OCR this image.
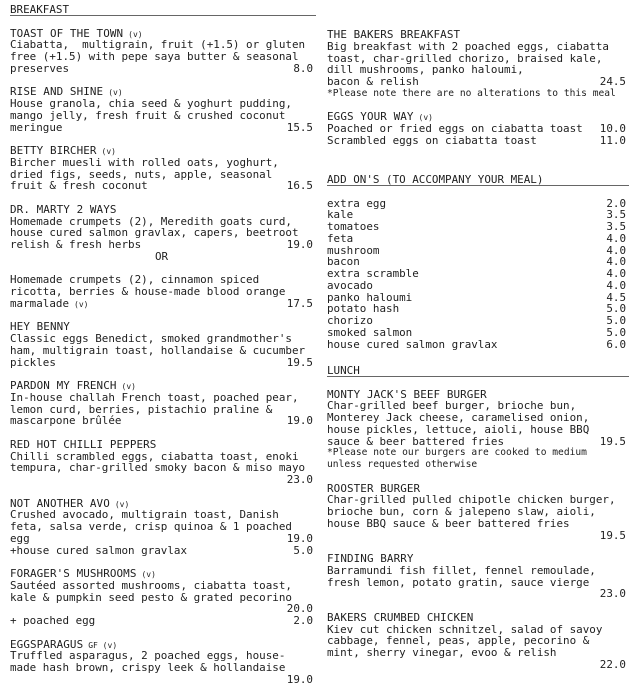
BREAKFAST
TOAST OF THE TOWN (v)
Ciabatta,  multigrain, fruit (+1.5) or gluten
free (+1.5) with pepe saya butter & seasonal
preserves	8.0
RISE AND SHINE (v)
House granola, chia seed & yoghurt pudding,
mango jelly, fresh fruit & crushed coconut
meringue	15.5
BETTY BIRCHER (v)
Bircher muesli with rolled oats, yoghurt,
dried figs, seeds, nuts, apple, seasonal
fruit & fresh coconut	16.5
DR. MARTY 2 WAYS
Homemade crumpets (2), Meredith goats curd,
house cured salmon gravlax, capers, beetroot
relish & fresh herbs	19.0
OR
Homemade crumpets (2), cinnamon spiced
ricotta, berries & house-made blood orange
marmalade (v)	17.5
HEY BENNY
Classic eggs Benedict, smoked grandmother's
ham, multigrain toast, hollandaise & cucumber
pickles	19.5
PARDON MY FRENCH (v)
In-house challah French toast, poached pear,
lemon curd, berries, pistachio praline &
mascarpone brûlée	19.0
RED HOT CHILLI PEPPERS
Chilli scrambled eggs, ciabatta toast, enoki
tempura, char-grilled smoky bacon & miso mayo
23.0
NOT ANOTHER AVO (v)
Crushed avocado, multigrain toast, Danish
feta, salsa verde, crisp quinoa & 1 poached
egg	19.0
+house cured salmon gravlax	5.0
FORAGER'S MUSHROOMS (v)
Sautéed assorted mushrooms, ciabatta toast,
kale & pumpkin seed pesto & grated pecorino
20.0
+ poached egg	2.0
EGGSPARAGUS GF (v)
Truffled asparagus, 2 poached eggs, house-
made hash brown, crispy leek & hollandaise
19.0
THE BAKERS BREAKFAST
Big breakfast with 2 poached eggs, ciabatta
toast, char-grilled chorizo, braised kale,
dill mushrooms, panko haloumi,
bacon & relish	24.5
*Please note there are no alterations to this meal
EGGS YOUR WAY (v)
Poached or fried eggs on ciabatta toast 10.0
Scrambled eggs on ciabatta toast	11.0
ADD ON'S (TO ACCOMPANY YOUR MEAL)
extra egg	2.0
kale	3.5
tomatoes	3.5
feta	4.0
mushroom	4.0
bacon	4.0
extra scramble	4.0
avocado	4.0
panko haloumi	4.5
potato hash	5.0
chorizo	5.0
smoked salmon	5.0
house cured salmon gravlax	6.0
LUNCH
MONTY JACK'S BEEF BURGER
Char-grilled beef burger, brioche bun,
Monterey Jack cheese, caramelised onion,
house pickles, lettuce, aioli, house BBQ
sauce & beer battered fries	19.5
*Please note our burgers are cooked to medium
unless requested otherwise
ROOSTER BURGER
Char-grilled pulled chipotle chicken burger,
brioche bun, corn & jalepeno slaw, aioli,
house BBQ sauce & beer battered fries
19.5
FINDING BARRY
Barramundi fish fillet, fennel remoulade,
fresh lemon, potato gratin, sauce vierge
23.0
BAKERS CRUMBED CHICKEN
Kiev cut chicken schnitzel, salad of savoy
cabbage, fennel, peas, apple, pecorino &
mint, sherry vinegar, evoo & relish
22.0
